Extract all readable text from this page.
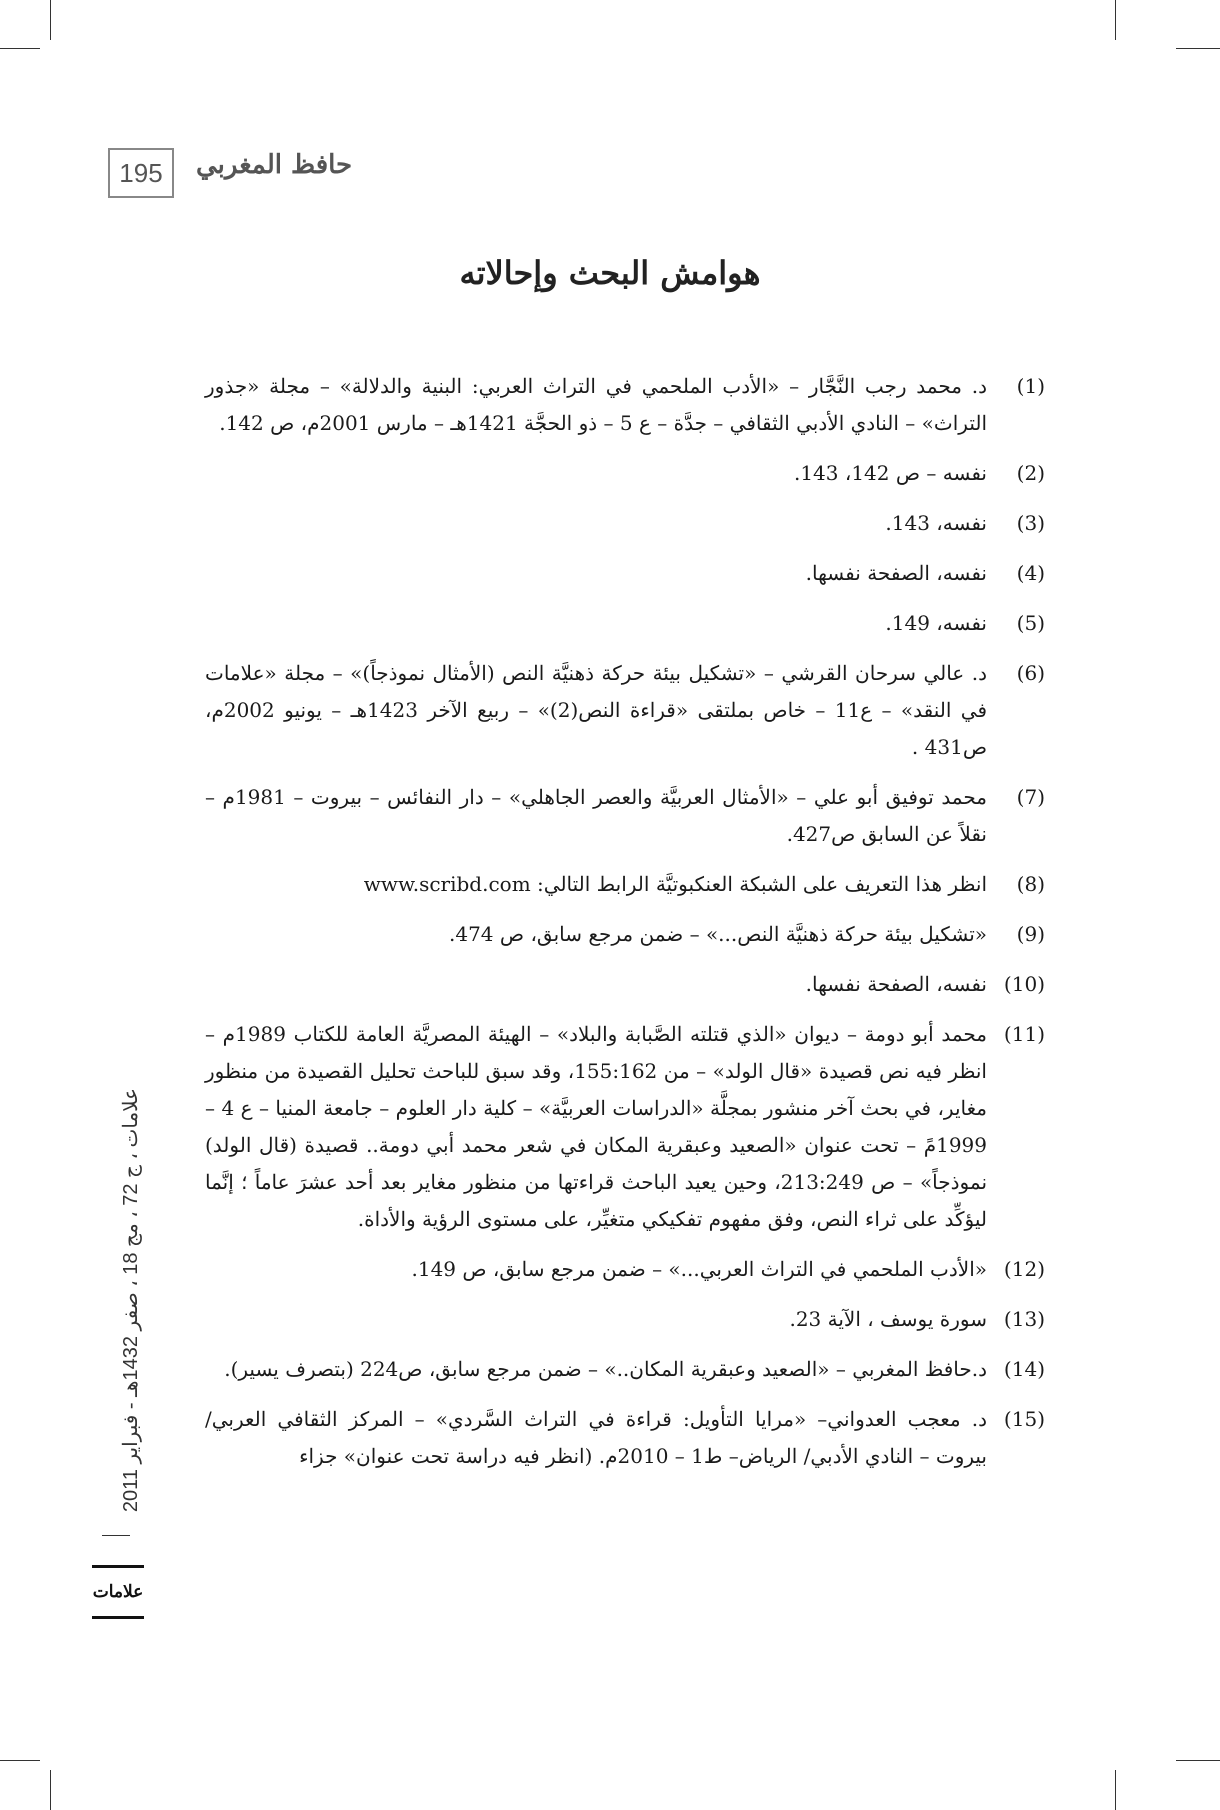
195	حافظ المغربي
هوامش البحث وإحالاته
(1)
د. محمد رجب النَّجَّار – «الأدب الملحمي في التراث العربي: البنية والدلالة» – مجلة «جذور التراث» – النادي الأدبي الثقافي – جدَّة – ع 5 – ذو الحجَّة 1421هـ – مارس 2001م، ص 142.
(2)
نفسه – ص 142، 143.
(3)
نفسه، 143.
(4)
نفسه، الصفحة نفسها.
(5)
نفسه، 149.
(6)
د. عالي سرحان القرشي – «تشكيل بيئة حركة ذهنيَّة النص (الأمثال نموذجاً)» – مجلة «علامات في النقد» – ع11 – خاص بملتقى «قراءة النص(2)» – ربيع الآخر 1423هـ – يونيو 2002م، ص431 .
(7)
محمد توفيق أبو علي – «الأمثال العربيَّة والعصر الجاهلي» – دار النفائس – بيروت – 1981م – نقلاً عن السابق ص427.
(8)
انظر هذا التعريف على الشبكة العنكبوتيَّة الرابط التالي: www.scribd.com
(9)
«تشكيل بيئة حركة ذهنيَّة النص...» – ضمن مرجع سابق، ص 474.
(10)
نفسه، الصفحة نفسها.
(11)
محمد أبو دومة – ديوان «الذي قتلته الصَّبابة والبلاد» – الهيئة المصريَّة العامة للكتاب 1989م – انظر فيه نص قصيدة «قال الولد» – من 155:162، وقد سبق للباحث تحليل القصيدة من منظور مغاير، في بحث آخر منشور بمجلَّة «الدراسات العربيَّة» – كلية دار العلوم – جامعة المنيا – ع 4 – 1999مً – تحت عنوان «الصعيد وعبقرية المكان في شعر محمد أبي دومة.. قصيدة (قال الولد) نموذجاً» – ص 213:249، وحين يعيد الباحث قراءتها من منظور مغاير بعد أحد عشرَ عاماً ؛ إنَّما ليؤكِّد على ثراء النص، وفق مفهوم تفكيكي متغيِّر، على مستوى الرؤية والأداة.
(12)
«الأدب الملحمي في التراث العربي...» – ضمن مرجع سابق، ص 149.
(13)
سورة يوسف ، الآية 23.
(14)
د.حافظ المغربي – «الصعيد وعبقرية المكان..» – ضمن مرجع سابق، ص224 (بتصرف يسير).
(15)
د. معجب العدواني– «مرايا التأويل: قراءة في التراث السَّردي» – المركز الثقافي العربي/ بيروت – النادي الأدبي/ الرياض– ط1 – 2010م. (انظر فيه دراسة تحت عنوان» جزاء
علامات ، ج 72 ، مج 18 ، صفر 1432هـ - فبراير 2011
علامات
